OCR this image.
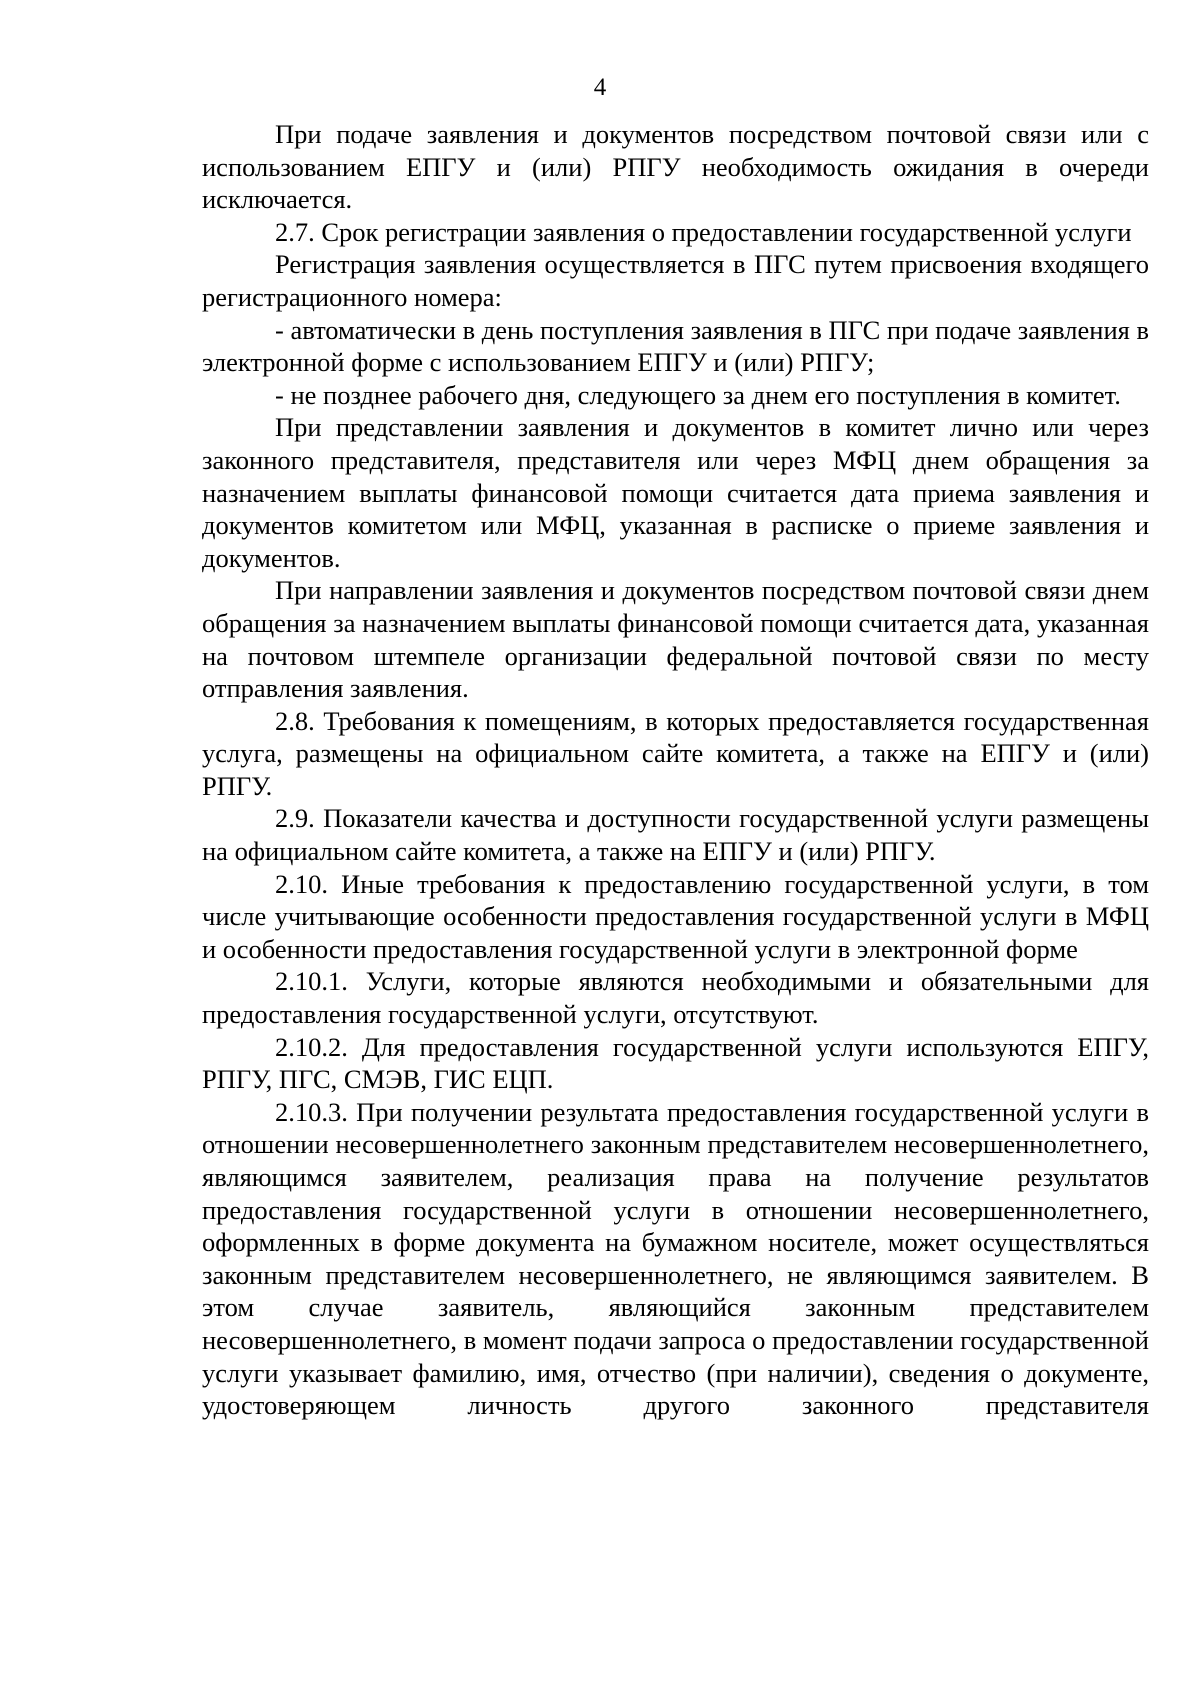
4

При подаче заявления и документов посредством почтовой связи или с использованием ЕПГУ и (или) РПГУ необходимость ожидания в очереди исключается.

2.7. Срок регистрации заявления о предоставлении государственной услуги

Регистрация заявления осуществляется в ПГС путем присвоения входящего регистрационного номера:

- автоматически в день поступления заявления в ПГС при подаче заявления в электронной форме с использованием ЕПГУ и (или) РПГУ;

- не позднее рабочего дня, следующего за днем его поступления в комитет.

При представлении заявления и документов в комитет лично или через законного представителя, представителя или через МФЦ днем обращения за назначением выплаты финансовой помощи считается дата приема заявления и документов комитетом или МФЦ, указанная в расписке о приеме заявления и документов.

При направлении заявления и документов посредством почтовой связи днем обращения за назначением выплаты финансовой помощи считается дата, указанная на почтовом штемпеле организации федеральной почтовой связи по месту отправления заявления.

2.8. Требования к помещениям, в которых предоставляется государственная услуга, размещены на официальном сайте комитета, а также на ЕПГУ и (или) РПГУ.

2.9. Показатели качества и доступности государственной услуги размещены на официальном сайте комитета, а также на ЕПГУ и (или) РПГУ.

2.10. Иные требования к предоставлению государственной услуги, в том числе учитывающие особенности предоставления государственной услуги в МФЦ и особенности предоставления государственной услуги в электронной форме

2.10.1. Услуги, которые являются необходимыми и обязательными для предоставления государственной услуги, отсутствуют.

2.10.2. Для предоставления государственной услуги используются ЕПГУ, РПГУ, ПГС, СМЭВ, ГИС ЕЦП.

2.10.3. При получении результата предоставления государственной услуги в отношении несовершеннолетнего законным представителем несовершеннолетнего, являющимся заявителем, реализация права на получение результатов предоставления государственной услуги в отношении несовершеннолетнего, оформленных в форме документа на бумажном носителе, может осуществляться законным представителем несовершеннолетнего, не являющимся заявителем. В этом случае заявитель, являющийся законным представителем несовершеннолетнего, в момент подачи запроса о предоставлении государственной услуги указывает фамилию, имя, отчество (при наличии), сведения о документе, удостоверяющем личность другого законного представителя
